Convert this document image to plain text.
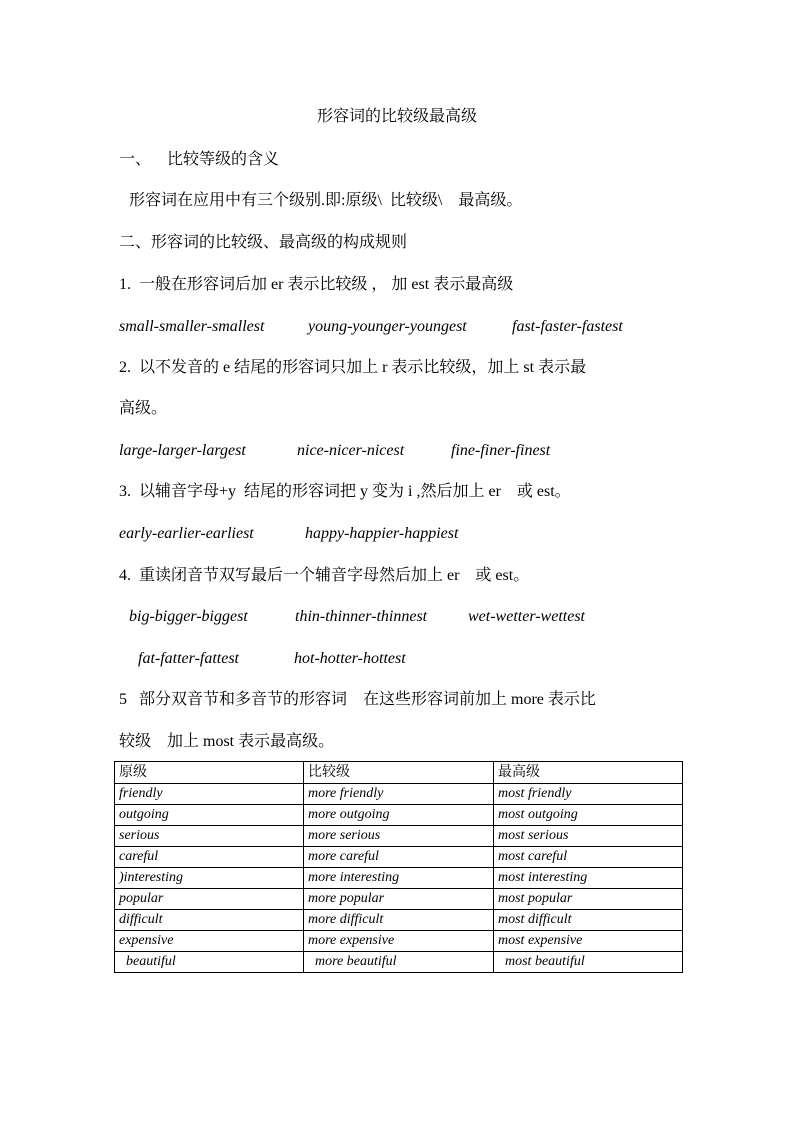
形容词的比较级最高级
一、    比较等级的含义
形容词在应用中有三个级别.即:原级\  比较级\    最高级。
二、形容词的比较级、最高级的构成规则
1.  一般在形容词后加 er 表示比较级 ， 加 est 表示最高级
small-smaller-smallest	young-younger-youngest	fast-faster-fastest
2.  以不发音的 e 结尾的形容词只加上 r 表示比较级，加上 st 表示最
高级。
large-larger-largest	nice-nicer-nicest	fine-finer-finest
3.  以辅音字母+y  结尾的形容词把 y 变为 i ,然后加上 er    或 est。
early-earlier-earliest	happy-happier-happiest
4.  重读闭音节双写最后一个辅音字母然后加上 er    或 est。
big-bigger-biggest	thin-thinner-thinnest	wet-wetter-wettest
fat-fatter-fattest	hot-hotter-hottest
5   部分双音节和多音节的形容词    在这些形容词前加上 more 表示比
较级    加上 most 表示最高级。
原级	比较级	最高级
friendly	more friendly	most friendly
outgoing	more outgoing	most outgoing
serious	more serious	most serious
careful	more careful	most careful
)interesting	more interesting	most interesting
popular	more popular	most popular
difficult	more difficult	most difficult
expensive	more expensive	most expensive
beautiful	more beautiful	most beautiful
